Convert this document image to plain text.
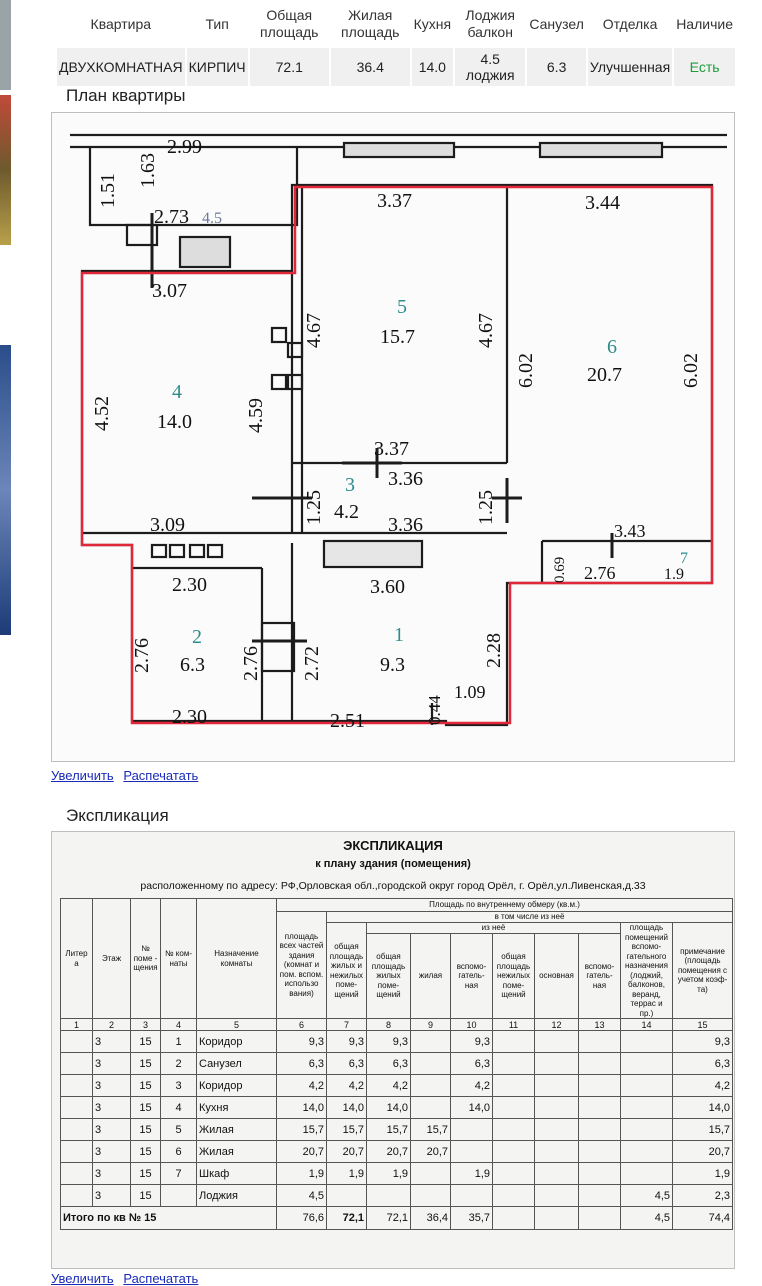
Квартира	Тип	Общая площадь	Жилая площадь	Кухня	Лоджия балкон	Санузел	Отделка	Наличие
ДВУХКОМНАТНАЯ	КИРПИЧ	72.1	36.4	14.0	4.5 лоджия	6.3	Улучшенная	Есть
План квартиры
2.99
1.51
1.63
2.73
3.07
4.52	4.59
3.09
3.37
4.67	4.67
3.37
3.36
3.36
1.25	1.25
3.44
6.02	6.02
3.43
0.69 2.76
2.30
2.76	2.76
2.30
3.60
2.72	2.28
0.44
1.09
2.51
5
15.7	6
20.7
4
14.0
4.5
3
4.2
2
6.3
1
9.3
7
1.9
Увеличить Распечатать
Экспликация
ЭКСПЛИКАЦИЯ
к плану здания (помещения)
расположенному по адресу: РФ,Орловская обл.,городской округ город Орёл, г. Орёл,ул.Ливенская,д.33
Литер а	Этаж	№ поме - щения	№ ком- наты	Назначение комнаты	Площадь по внутреннему обмеру (кв.м.)									
					площадь всех частей здания (комнат и пом. вспом. использо вания)	в том числе из неё								
						общая площадь жилых и нежилых поме- щений	из неё						площадь помещений вспомо- гательного назначения (лоджий, балконов, веранд, террас и пр.)	примечание (площадь помещения с учетом коэф-та)
							общая площадь жилых поме- щений	жилая	вспомо- гатель- ная	общая площадь нежилых поме- щений	основная	вспомо- гатель- ная		
1	2	3	4	5	6	7	8	9	10	11	12	13	14	15
	3	15	1	Коридор	9,3	9,3	9,3		9,3					9,3
	3	15	2	Санузел	6,3	6,3	6,3		6,3					6,3
	3	15	3	Коридор	4,2	4,2	4,2		4,2					4,2
	3	15	4	Кухня	14,0	14,0	14,0		14,0					14,0
	3	15	5	Жилая	15,7	15,7	15,7	15,7						15,7
	3	15	6	Жилая	20,7	20,7	20,7	20,7						20,7
	3	15	7	Шкаф	1,9	1,9	1,9		1,9					1,9
	3	15		Лоджия	4,5								4,5	2,3
Итого по кв № 15					76,6	72,1	72,1	36,4	35,7				4,5	74,4
Увеличить Распечатать
